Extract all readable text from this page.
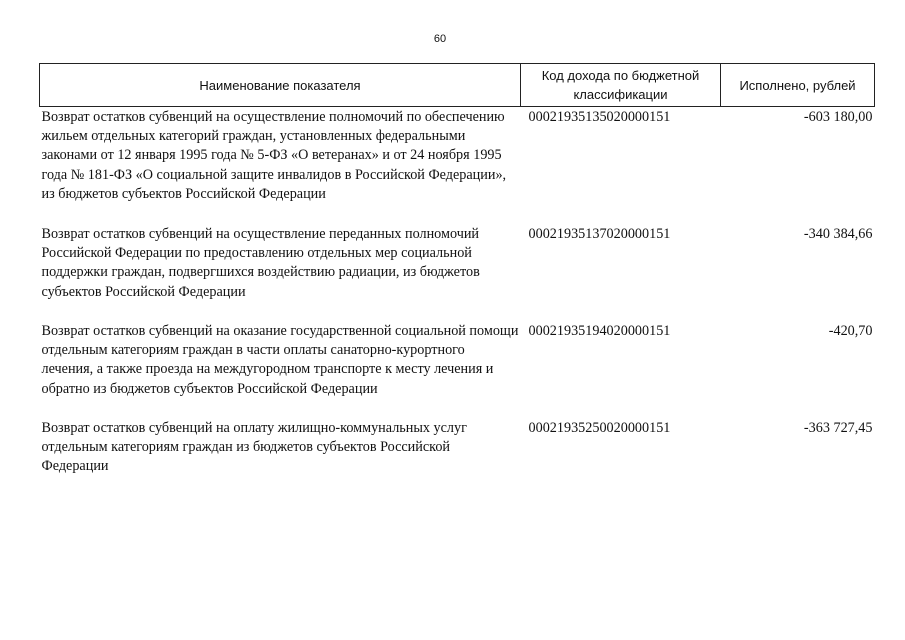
60
Наименование показателя	Код дохода по бюджетной классификации	Исполнено, рублей
Возврат остатков субвенций на осуществление полномочий по обеспечению жильем отдельных категорий граждан, установленных федеральными законами от 12 января 1995 года № 5-ФЗ «О ветеранах» и от 24 ноября 1995 года № 181-ФЗ «О социальной защите инвалидов в Российской Федерации», из бюджетов субъектов Российской Федерации	00021935135020000151	-603 180,00
Возврат остатков субвенций на осуществление переданных полномочий Российской Федерации по предоставлению отдельных мер социальной поддержки граждан, подвергшихся воздействию радиации, из бюджетов субъектов Российской Федерации	00021935137020000151	-340 384,66
Возврат остатков субвенций на оказание государственной социальной помощи отдельным категориям граждан в части оплаты санаторно-курортного лечения, а также проезда на междугородном транспорте к месту лечения и обратно из бюджетов субъектов Российской Федерации	00021935194020000151	-420,70
Возврат остатков субвенций на оплату жилищно-коммунальных услуг отдельным категориям граждан из бюджетов субъектов Российской Федерации	00021935250020000151	-363 727,45
